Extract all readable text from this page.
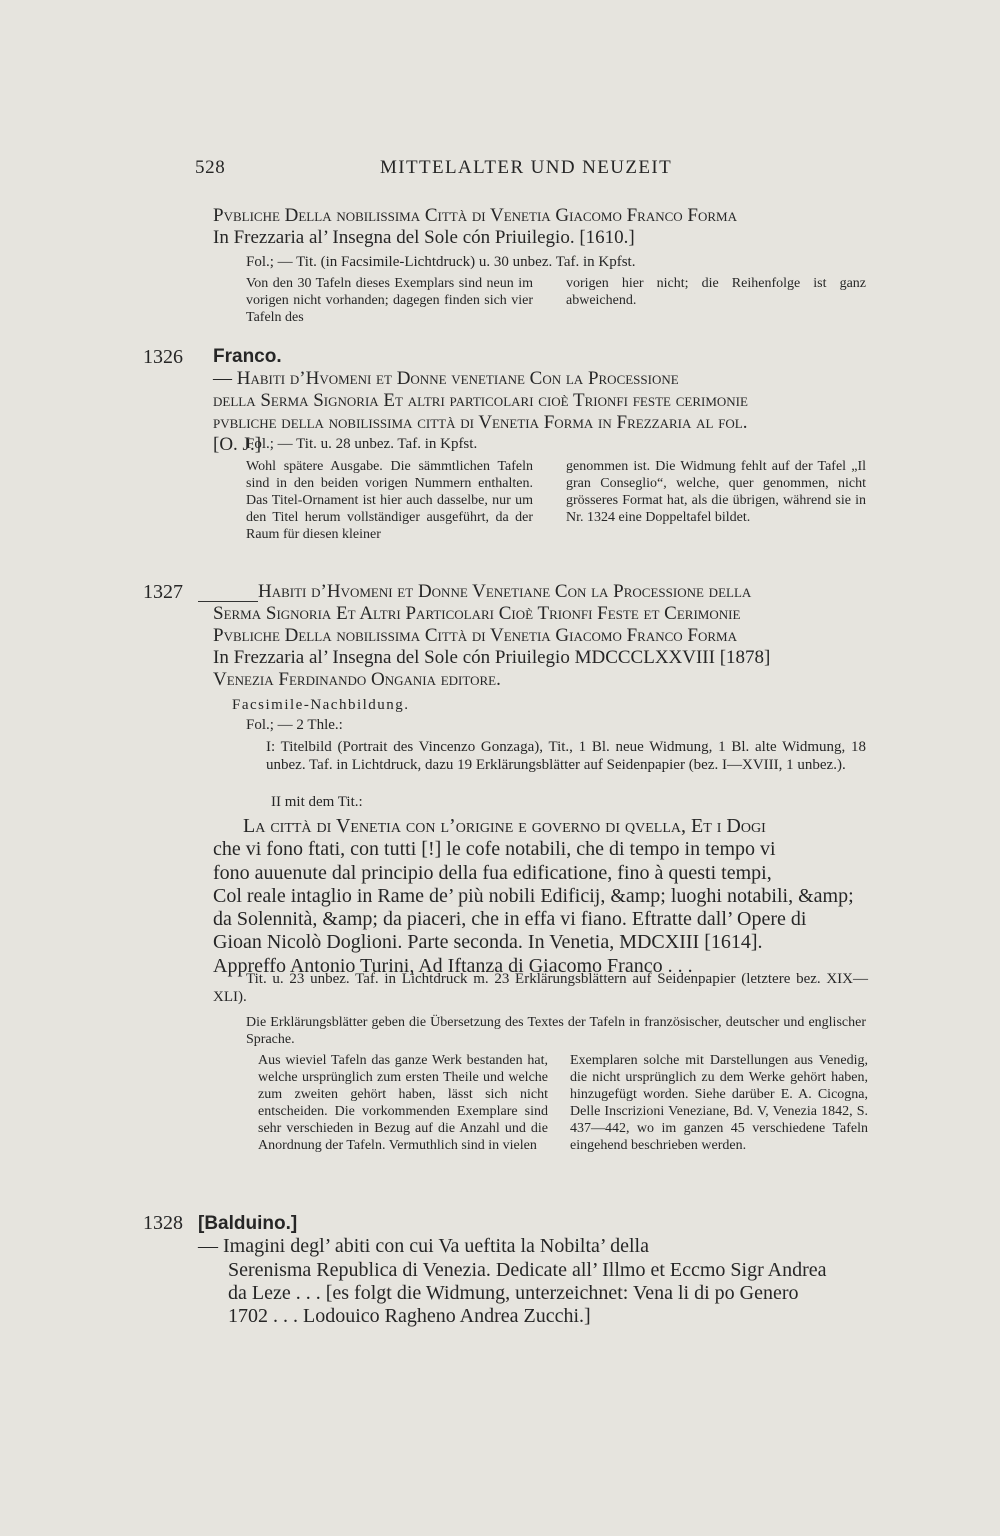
528	MITTELALTER UND NEUZEIT
Pvbliche Della nobilissima Città di Venetia Giacomo Franco Forma
In Frezzaria al’ Insegna del Sole cón Priuilegio. [1610.]
Fol.; — Tit. (in Facsimile-Lichtdruck) u. 30 unbez. Taf. in Kpfst.
Von den 30 Tafeln dieses Exemplars sind neun im vorigen nicht vorhanden; dagegen finden sich vier Tafeln des
vorigen hier nicht; die Reihenfolge ist ganz abweichend.
1326 Franco.
— Habiti d’Hvomeni et Donne venetiane Con la Processione
della Serma Signoria Et altri particolari cioè Trionfi feste cerimonie
pvbliche della nobilissima città di Venetia Forma in Frezzaria al fol.
[O. J.]
Fol.; — Tit. u. 28 unbez. Taf. in Kpfst.
Wohl spätere Ausgabe. Die sämmtlichen Tafeln sind in den beiden vorigen Nummern enthalten. Das Titel-Ornament ist hier auch dasselbe, nur um den Titel herum vollständiger ausgeführt, da der Raum für diesen kleiner
genommen ist. Die Widmung fehlt auf der Tafel „Il gran Conseglio“, welche, quer genommen, nicht grösseres Format hat, als die übrigen, während sie in Nr. 1324 eine Doppeltafel bildet.
1327	Habiti d’Hvomeni et Donne Venetiane Con la Processione della
Serma Signoria Et Altri Particolari Cioè Trionfi Feste et Cerimonie
Pvbliche Della nobilissima Città di Venetia Giacomo Franco Forma
In Frezzaria al’ Insegna del Sole cón Priuilegio MDCCCLXXVIII [1878]
Venezia Ferdinando Ongania editore.
Facsimile-Nachbildung.
Fol.; — 2 Thle.:
I: Titelbild (Portrait des Vincenzo Gonzaga), Tit., 1 Bl. neue Widmung, 1 Bl. alte Widmung, 18 unbez. Taf. in Lichtdruck, dazu 19 Erklärungsblätter auf Seidenpapier (bez. I—XVIII, 1 unbez.).
II mit dem Tit.:
La città di Venetia con l’origine e governo di qvella, Et i Dogi
che vi fono ftati, con tutti [!] le cofe notabili, che di tempo in tempo vi
fono auuenute dal principio della fua edificatione, fino à questi tempi,
Col reale intaglio in Rame de’ più nobili Edificij, &amp; luoghi notabili, &amp;
da Solennità, &amp; da piaceri, che in effa vi fiano. Eftratte dall’ Opere di
Gioan Nicolò Doglioni. Parte seconda. In Venetia, MDCXIII [1614].
Appreffo Antonio Turini, Ad Iftanza di Giacomo Franco . . .
Tit. u. 23 unbez. Taf. in Lichtdruck m. 23 Erklärungsblättern auf Seidenpapier (letztere bez. XIX—XLI).
Die Erklärungsblätter geben die Übersetzung des Textes der Tafeln in französischer, deutscher und englischer Sprache.
Aus wieviel Tafeln das ganze Werk bestanden hat, welche ursprünglich zum ersten Theile und welche zum zweiten gehört haben, lässt sich nicht entscheiden. Die vorkommenden Exemplare sind sehr verschieden in Bezug auf die Anzahl und die Anordnung der Tafeln. Vermuthlich sind in vielen
Exemplaren solche mit Darstellungen aus Venedig, die nicht ursprünglich zu dem Werke gehört haben, hinzugefügt worden. Siehe darüber E. A. Cicogna, Delle Inscrizioni Veneziane, Bd. V, Venezia 1842, S. 437—442, wo im ganzen 45 verschiedene Tafeln eingehend beschrieben werden.
1328 [Balduino.]
— Imagini degl’ abiti con cui Va ueftita la Nobilta’ della
Serenisma Republica di Venezia. Dedicate all’ Illmo et Eccmo Sigr Andrea
da Leze . . . [es folgt die Widmung, unterzeichnet: Vena li di po Genero
1702 . . . Lodouico Ragheno Andrea Zucchi.]
